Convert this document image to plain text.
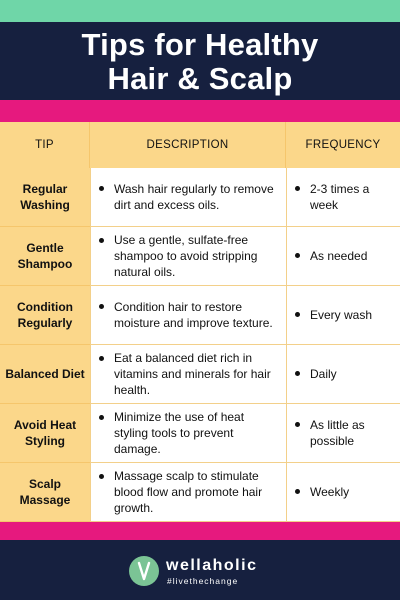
Tips for Healthy
Hair & Scalp
TIP	DESCRIPTION	FREQUENCY
Regular Washing
Wash hair regularly to remove dirt and excess oils.
2-3 times a week
Gentle Shampoo
Use a gentle, sulfate-free shampoo to avoid stripping natural oils.
As needed
Condition Regularly
Condition hair to restore moisture and improve texture.
Every wash
Balanced Diet
Eat a balanced diet rich in vitamins and minerals for hair health.
Daily
Avoid Heat Styling
Minimize the use of heat styling tools to prevent damage.
As little as possible
Scalp Massage
Massage scalp to stimulate blood flow and promote hair growth.
Weekly
wellaholic
#livethechange
